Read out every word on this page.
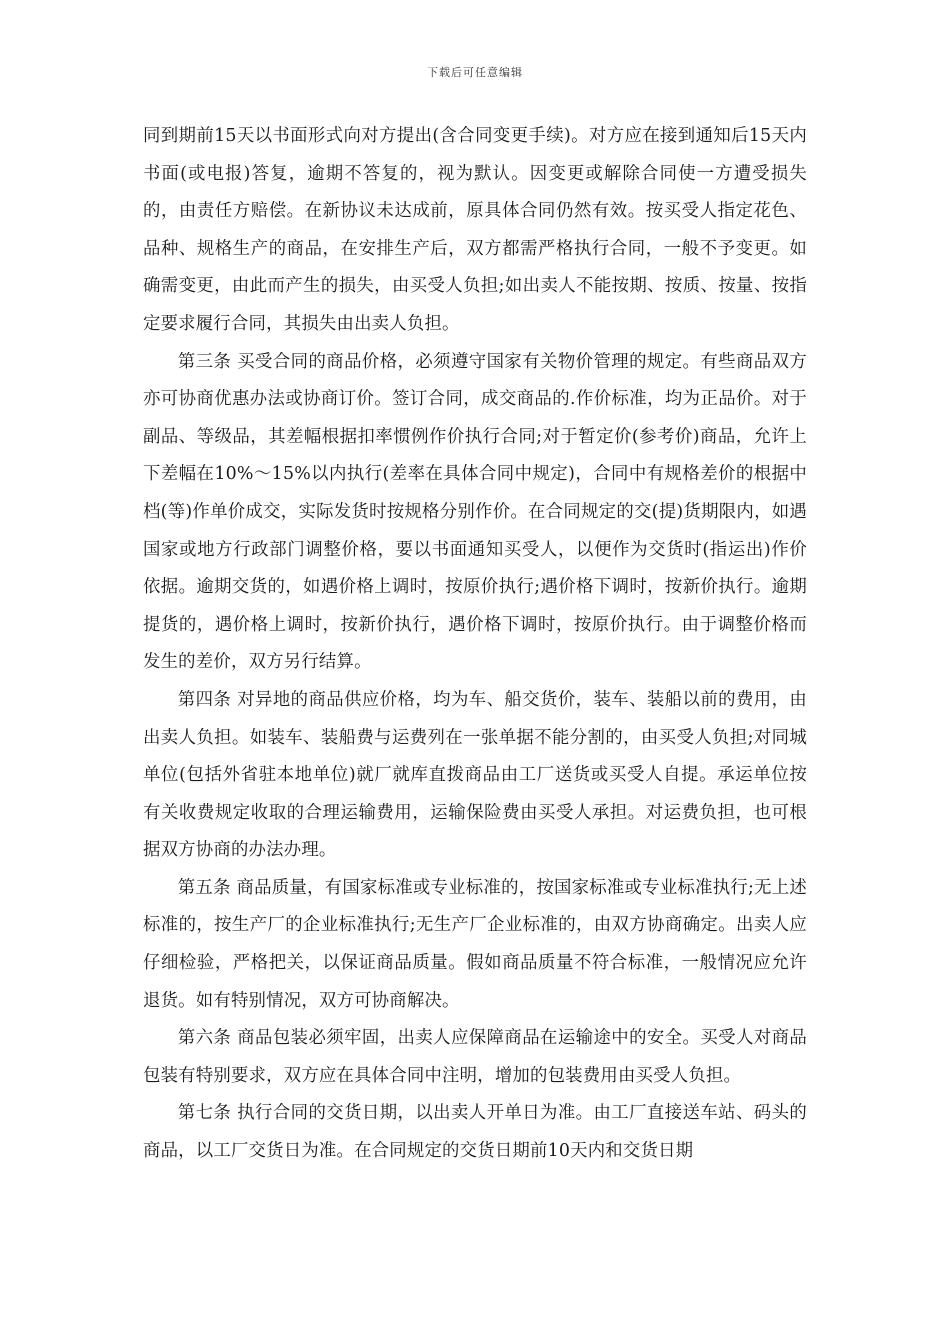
下载后可任意编辑

同到期前15天以书面形式向对方提出(含合同变更手续)。对方应在接到通知后15天内书面(或电报)答复，逾期不答复的，视为默认。因变更或解除合同使一方遭受损失的，由责任方赔偿。在新协议未达成前，原具体合同仍然有效。按买受人指定花色、品种、规格生产的商品，在安排生产后，双方都需严格执行合同，一般不予变更。如确需变更，由此而产生的损失，由买受人负担;如出卖人不能按期、按质、按量、按指定要求履行合同，其损失由出卖人负担。

第三条 买受合同的商品价格，必须遵守国家有关物价管理的规定。有些商品双方亦可协商优惠办法或协商订价。签订合同，成交商品的.作价标准，均为正品价。对于副品、等级品，其差幅根据扣率惯例作价执行合同;对于暂定价(参考价)商品，允许上下差幅在10%～15%以内执行(差率在具体合同中规定)，合同中有规格差价的根据中档(等)作单价成交，实际发货时按规格分别作价。在合同规定的交(提)货期限内，如遇国家或地方行政部门调整价格，要以书面通知买受人，以便作为交货时(指运出)作价依据。逾期交货的，如遇价格上调时，按原价执行;遇价格下调时，按新价执行。逾期提货的，遇价格上调时，按新价执行，遇价格下调时，按原价执行。由于调整价格而发生的差价，双方另行结算。

第四条 对异地的商品供应价格，均为车、船交货价，装车、装船以前的费用，由出卖人负担。如装车、装船费与运费列在一张单据不能分割的，由买受人负担;对同城单位(包括外省驻本地单位)就厂就库直拨商品由工厂送货或买受人自提。承运单位按有关收费规定收取的合理运输费用，运输保险费由买受人承担。对运费负担，也可根据双方协商的办法办理。

第五条 商品质量，有国家标准或专业标准的，按国家标准或专业标准执行;无上述标准的，按生产厂的企业标准执行;无生产厂企业标准的，由双方协商确定。出卖人应仔细检验，严格把关，以保证商品质量。假如商品质量不符合标准，一般情况应允许退货。如有特别情况，双方可协商解决。

第六条 商品包装必须牢固，出卖人应保障商品在运输途中的安全。买受人对商品包装有特别要求，双方应在具体合同中注明，增加的包装费用由买受人负担。

第七条 执行合同的交货日期，以出卖人开单日为准。由工厂直接送车站、码头的商品，以工厂交货日为准。在合同规定的交货日期前10天内和交货日期
